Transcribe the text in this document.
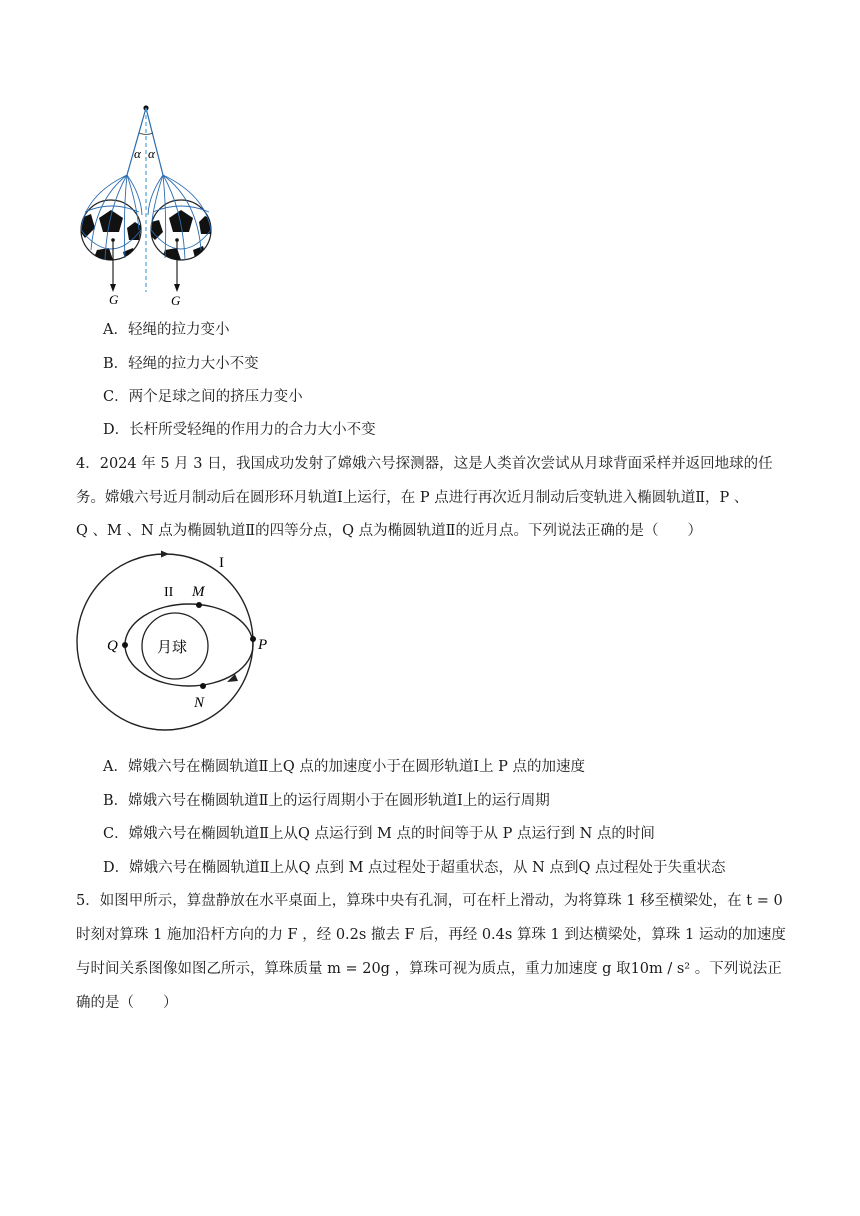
α α
G	G
A．轻绳的拉力变小
B．轻绳的拉力大小不变
C．两个足球之间的挤压力变小
D．长杆所受轻绳的作用力的合力大小不变
4．2024 年 5 月 3 日，我国成功发射了嫦娥六号探测器，这是人类首次尝试从月球背面采样并返回地球的任
务。嫦娥六号近月制动后在圆形环月轨道Ⅰ上运行，在 P 点进行再次近月制动后变轨进入椭圆轨道Ⅱ，P 、
Q 、M 、N 点为椭圆轨道Ⅱ的四等分点，Q 点为椭圆轨道Ⅱ的近月点。下列说法正确的是（　　）
I
II M
月球
Q	P
N
A．嫦娥六号在椭圆轨道Ⅱ上Q 点的加速度小于在圆形轨道Ⅰ上 P 点的加速度
B．嫦娥六号在椭圆轨道Ⅱ上的运行周期小于在圆形轨道Ⅰ上的运行周期
C．嫦娥六号在椭圆轨道Ⅱ上从Q 点运行到 M 点的时间等于从 P 点运行到 N 点的时间
D．嫦娥六号在椭圆轨道Ⅱ上从Q 点到 M 点过程处于超重状态，从 N 点到Q 点过程处于失重状态
5．如图甲所示，算盘静放在水平桌面上，算珠中央有孔洞，可在杆上滑动，为将算珠 1 移至横梁处，在 t = 0
时刻对算珠 1 施加沿杆方向的力 F ，经 0.2s 撤去 F 后，再经 0.4s 算珠 1 到达横梁处，算珠 1 运动的加速度
与时间关系图像如图乙所示，算珠质量 m = 20g ，算珠可视为质点，重力加速度 g 取10m / s² 。下列说法正
确的是（　　）
